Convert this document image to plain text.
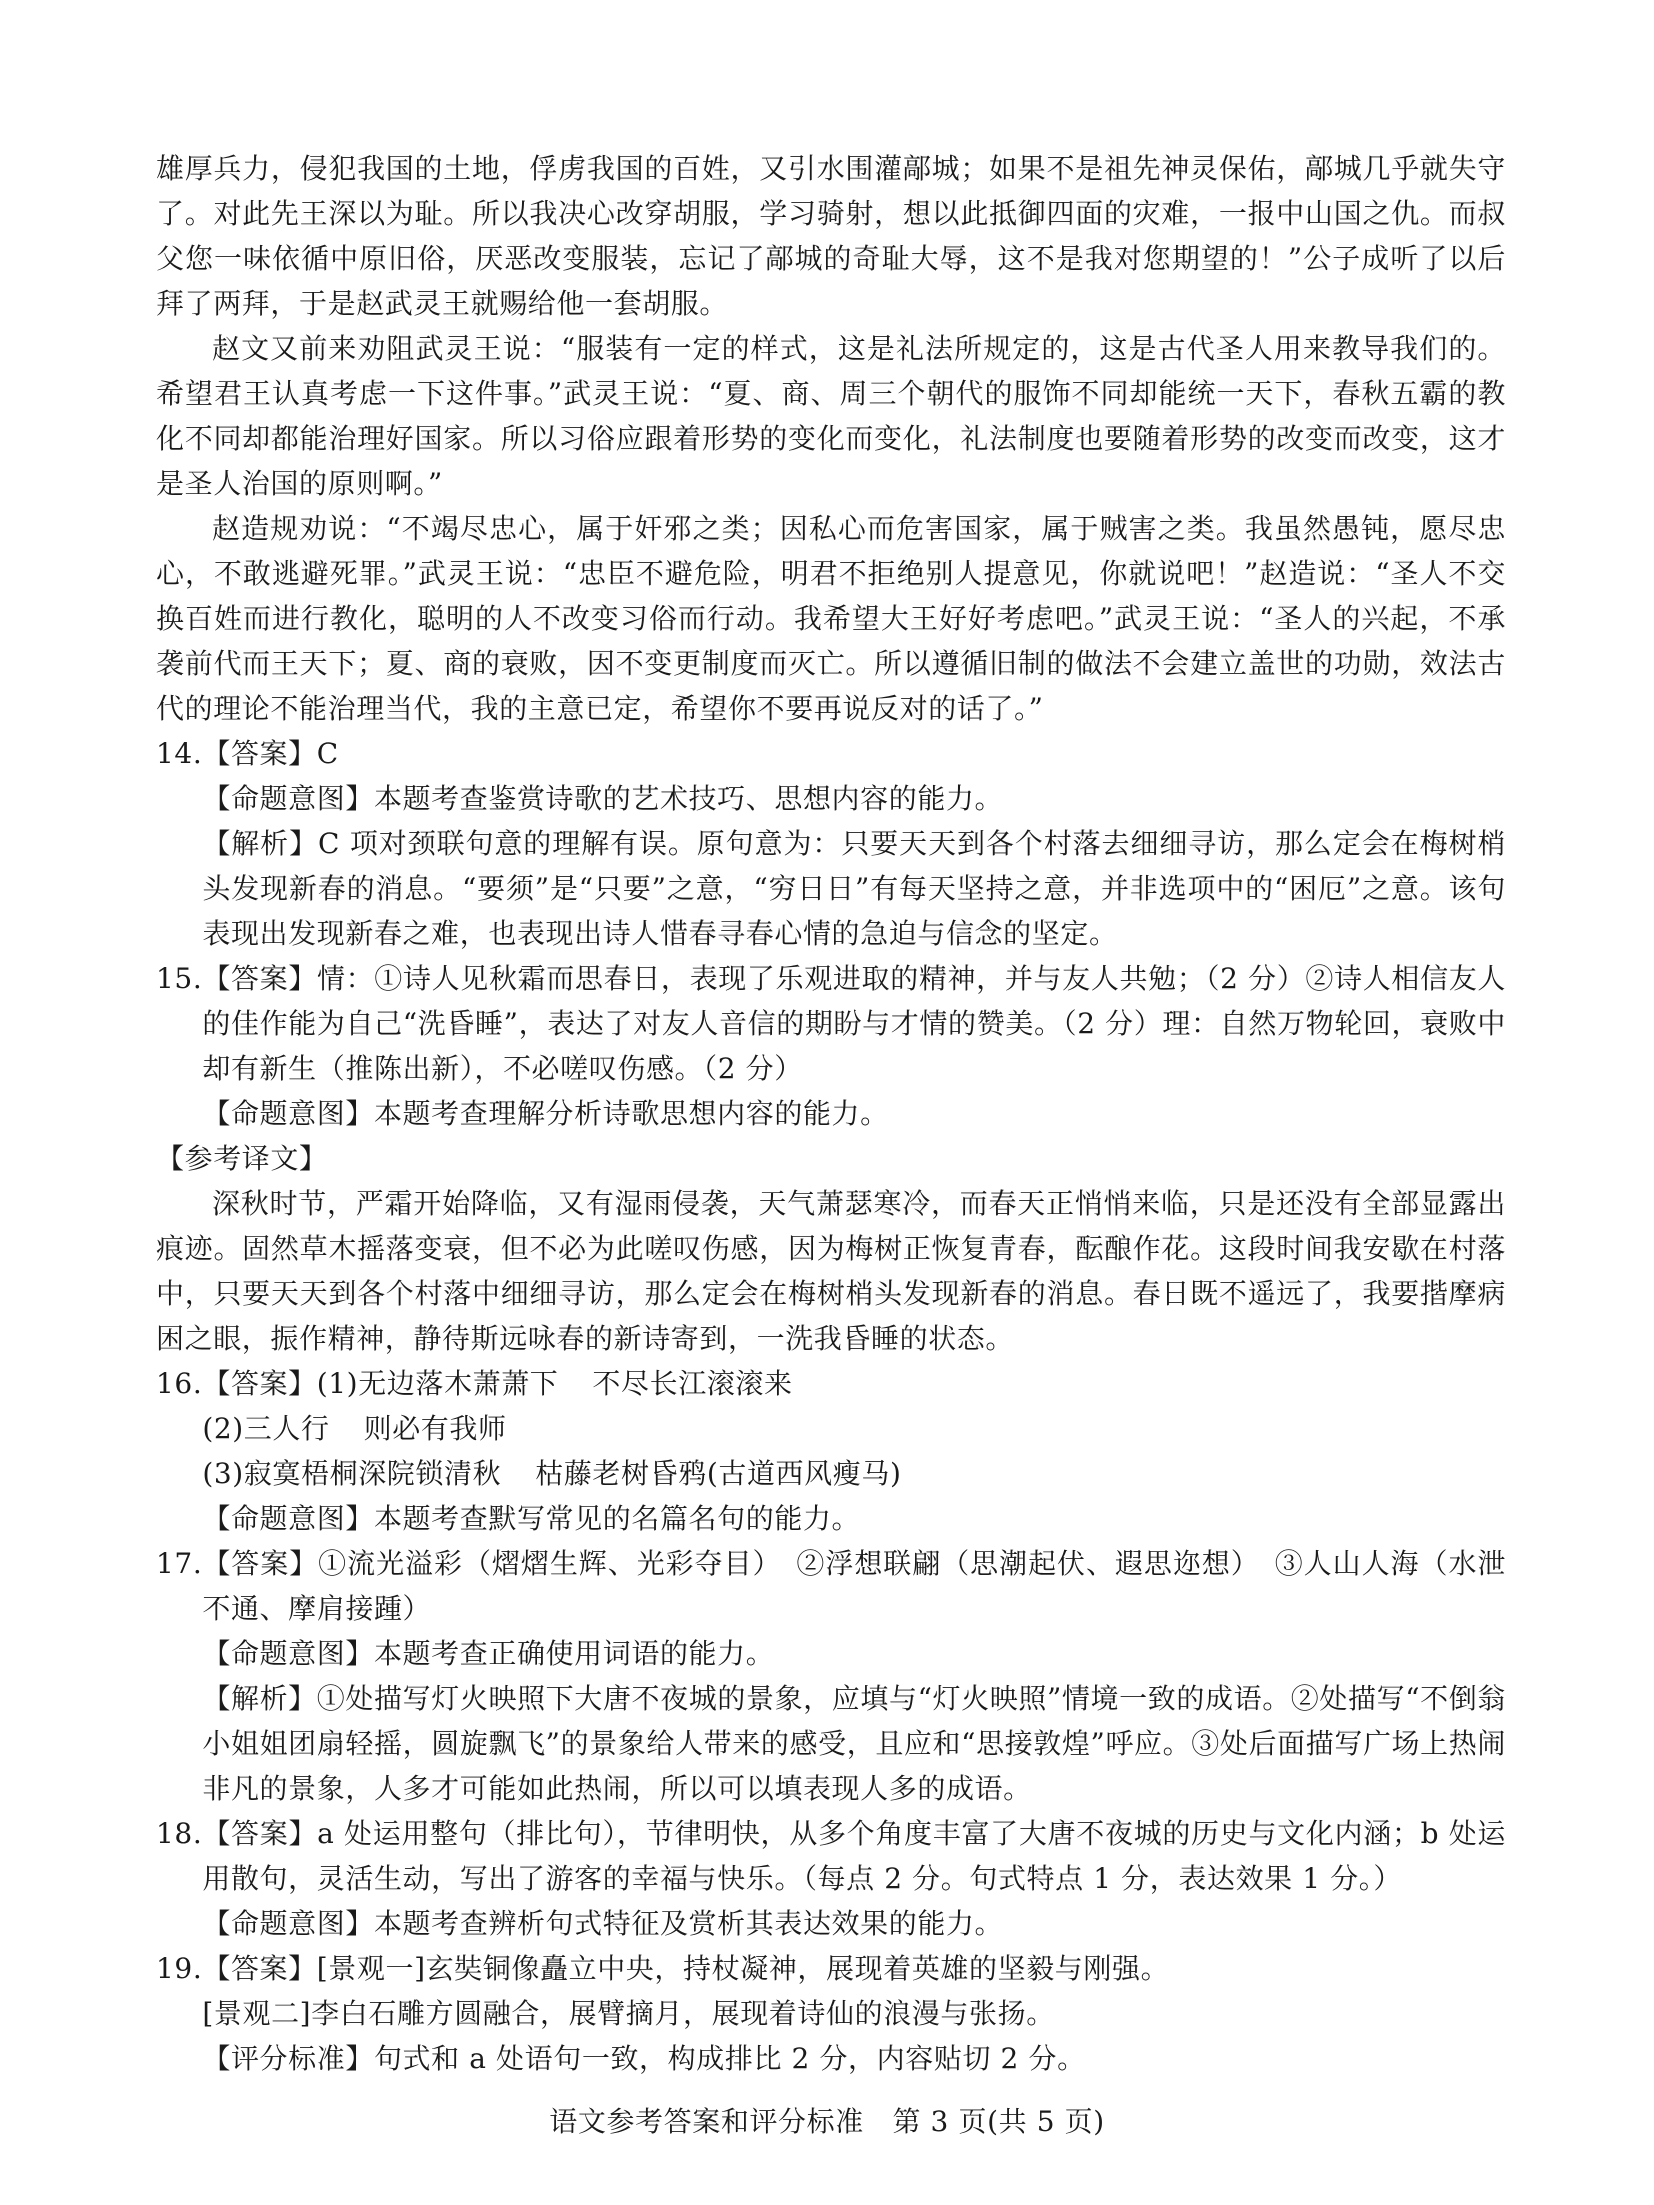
雄厚兵力，侵犯我国的土地，俘虏我国的百姓，又引水围灌鄗城；如果不是祖先神灵保佑，鄗城几乎就失守了。对此先王深以为耻。所以我决心改穿胡服，学习骑射，想以此抵御四面的灾难，一报中山国之仇。而叔父您一味依循中原旧俗，厌恶改变服装，忘记了鄗城的奇耻大辱，这不是我对您期望的！”公子成听了以后拜了两拜，于是赵武灵王就赐给他一套胡服。

赵文又前来劝阻武灵王说：“服装有一定的样式，这是礼法所规定的，这是古代圣人用来教导我们的。希望君王认真考虑一下这件事。”武灵王说：“夏、商、周三个朝代的服饰不同却能统一天下，春秋五霸的教化不同却都能治理好国家。所以习俗应跟着形势的变化而变化，礼法制度也要随着形势的改变而改变，这才是圣人治国的原则啊。”

赵造规劝说：“不竭尽忠心，属于奸邪之类；因私心而危害国家，属于贼害之类。我虽然愚钝，愿尽忠心，不敢逃避死罪。”武灵王说：“忠臣不避危险，明君不拒绝别人提意见，你就说吧！”赵造说：“圣人不交换百姓而进行教化，聪明的人不改变习俗而行动。我希望大王好好考虑吧。”武灵王说：“圣人的兴起，不承袭前代而王天下；夏、商的衰败，因不变更制度而灭亡。所以遵循旧制的做法不会建立盖世的功勋，效法古代的理论不能治理当代，我的主意已定，希望你不要再说反对的话了。”

14. 【答案】C

【命题意图】本题考查鉴赏诗歌的艺术技巧、思想内容的能力。

【解析】C 项对颈联句意的理解有误。原句意为：只要天天到各个村落去细细寻访，那么定会在梅树梢头发现新春的消息。“要须”是“只要”之意，“穷日日”有每天坚持之意，并非选项中的“困厄”之意。该句表现出发现新春之难，也表现出诗人惜春寻春心情的急迫与信念的坚定。

15. 【答案】情：①诗人见秋霜而思春日，表现了乐观进取的精神，并与友人共勉；（2 分）②诗人相信友人的佳作能为自己“洗昏睡”，表达了对友人音信的期盼与才情的赞美。（2 分）理：自然万物轮回，衰败中却有新生（推陈出新），不必嗟叹伤感。（2 分）

【命题意图】本题考查理解分析诗歌思想内容的能力。

【参考译文】

深秋时节，严霜开始降临，又有湿雨侵袭，天气萧瑟寒冷，而春天正悄悄来临，只是还没有全部显露出痕迹。固然草木摇落变衰，但不必为此嗟叹伤感，因为梅树正恢复青春，酝酿作花。这段时间我安歇在村落中，只要天天到各个村落中细细寻访，那么定会在梅树梢头发现新春的消息。春日既不遥远了，我要揩摩病困之眼，振作精神，静待斯远咏春的新诗寄到，一洗我昏睡的状态。

16. 【答案】(1)无边落木萧萧下 不尽长江滚滚来

(2)三人行 则必有我师

(3)寂寞梧桐深院锁清秋 枯藤老树昏鸦(古道西风瘦马)

【命题意图】本题考查默写常见的名篇名句的能力。

17. 【答案】①流光溢彩（熠熠生辉、光彩夺目）　②浮想联翩（思潮起伏、遐思迩想）　③人山人海（水泄不通、摩肩接踵）

【命题意图】本题考查正确使用词语的能力。

【解析】①处描写灯火映照下大唐不夜城的景象，应填与“灯火映照”情境一致的成语。②处描写“不倒翁小姐姐团扇轻摇，圆旋飘飞”的景象给人带来的感受，且应和“思接敦煌”呼应。③处后面描写广场上热闹非凡的景象，人多才可能如此热闹，所以可以填表现人多的成语。

18. 【答案】a 处运用整句（排比句），节律明快，从多个角度丰富了大唐不夜城的历史与文化内涵；b 处运用散句，灵活生动，写出了游客的幸福与快乐。（每点 2 分。句式特点 1 分，表达效果 1 分。）

【命题意图】本题考查辨析句式特征及赏析其表达效果的能力。

19. 【答案】[景观一]玄奘铜像矗立中央，持杖凝神，展现着英雄的坚毅与刚强。

[景观二]李白石雕方圆融合，展臂摘月，展现着诗仙的浪漫与张扬。

【评分标准】句式和 a 处语句一致，构成排比 2 分，内容贴切 2 分。

语文参考答案和评分标准　第 3 页(共 5 页)
